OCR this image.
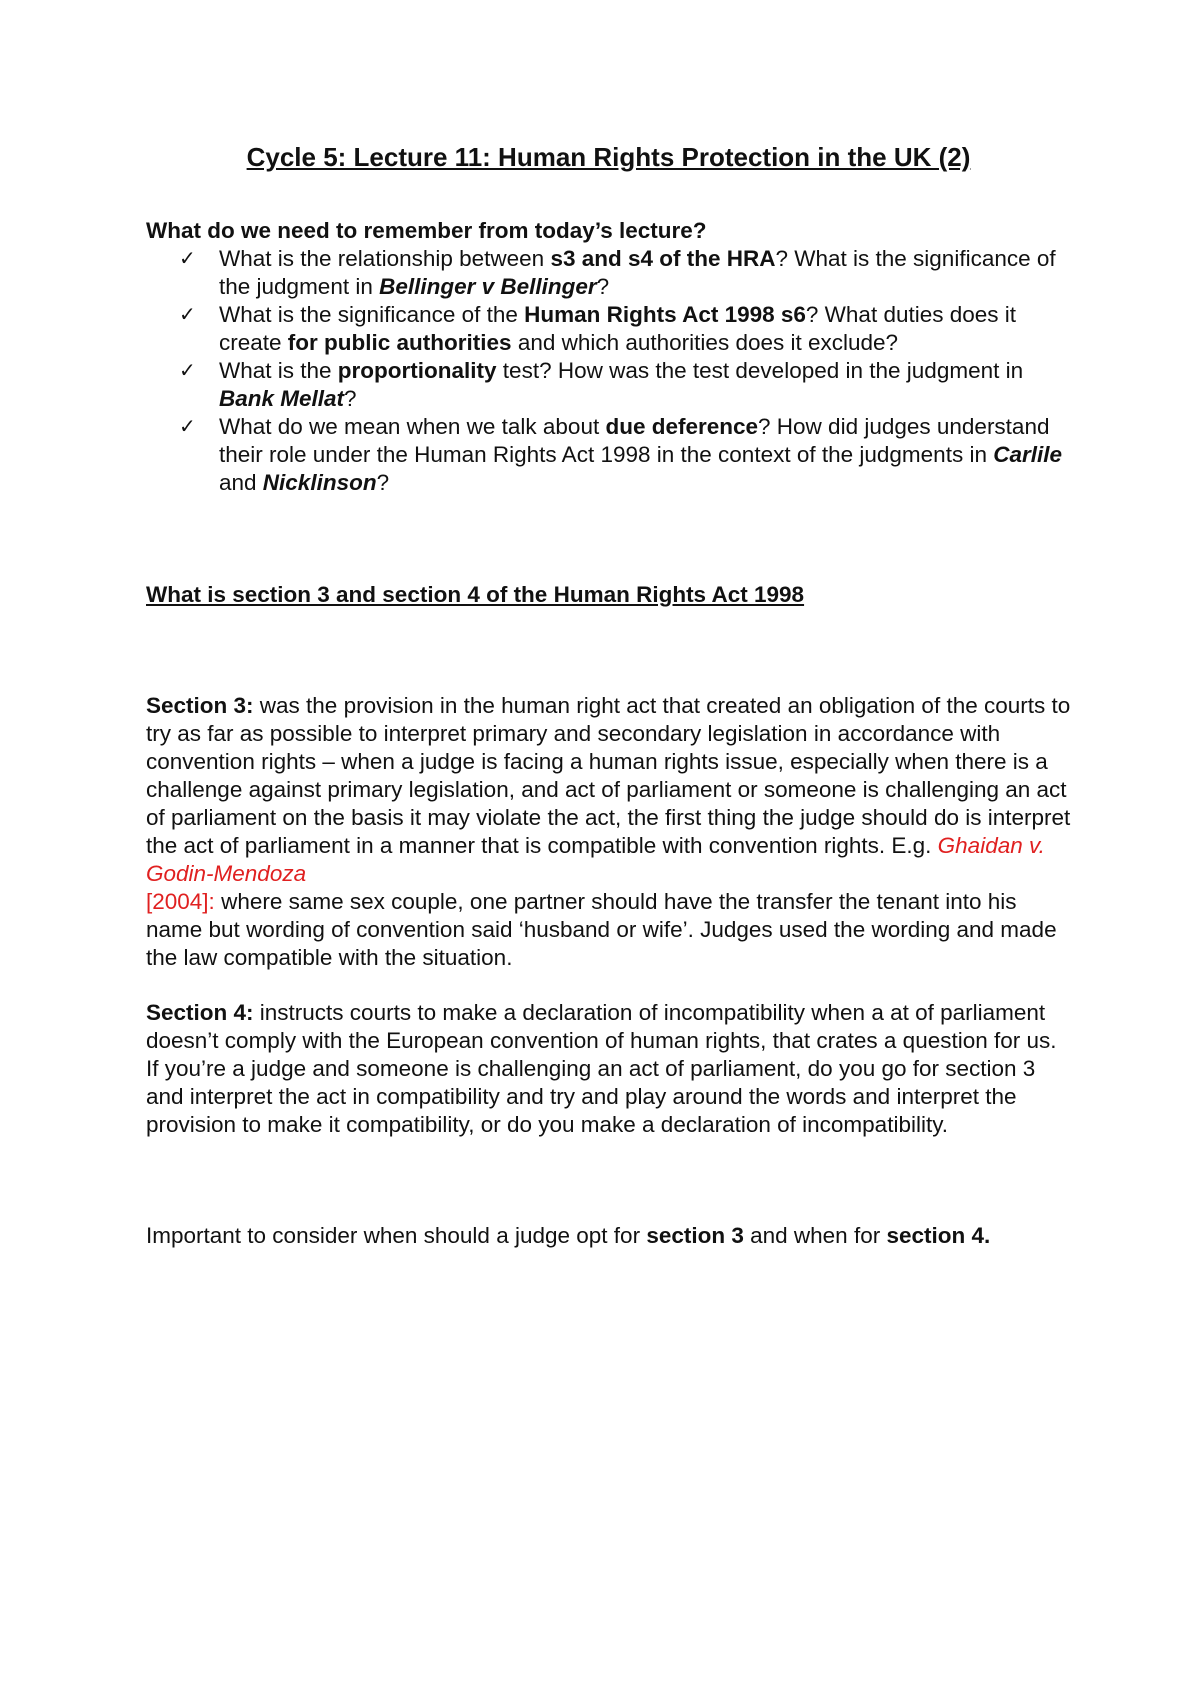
Cycle 5: Lecture 11: Human Rights Protection in the UK (2)

What do we need to remember from today’s lecture?

✓ What is the relationship between s3 and s4 of the HRA? What is the significance of the judgment in Bellinger v Bellinger?
✓ What is the significance of the Human Rights Act 1998 s6? What duties does it create for public authorities and which authorities does it exclude?
✓ What is the proportionality test? How was the test developed in the judgment in Bank Mellat?
✓ What do we mean when we talk about due deference? How did judges understand their role under the Human Rights Act 1998 in the context of the judgments in Carlile and Nicklinson?

What is section 3 and section 4 of the Human Rights Act 1998

Section 3: was the provision in the human right act that created an obligation of the courts to try as far as possible to interpret primary and secondary legislation in accordance with convention rights – when a judge is facing a human rights issue, especially when there is a challenge against primary legislation, and act of parliament or someone is challenging an act of parliament on the basis it may violate the act, the first thing the judge should do is interpret the act of parliament in a manner that is compatible with convention rights. E.g. Ghaidan v. Godin-Mendoza
[2004]: where same sex couple, one partner should have the transfer the tenant into his name but wording of convention said ‘husband or wife’. Judges used the wording and made the law compatible with the situation.

Section 4: instructs courts to make a declaration of incompatibility when a at of parliament doesn’t comply with the European convention of human rights, that crates a question for us. If you’re a judge and someone is challenging an act of parliament, do you go for section 3 and interpret the act in compatibility and try and play around the words and interpret the provision to make it compatibility, or do you make a declaration of incompatibility.

Important to consider when should a judge opt for section 3 and when for section 4.
